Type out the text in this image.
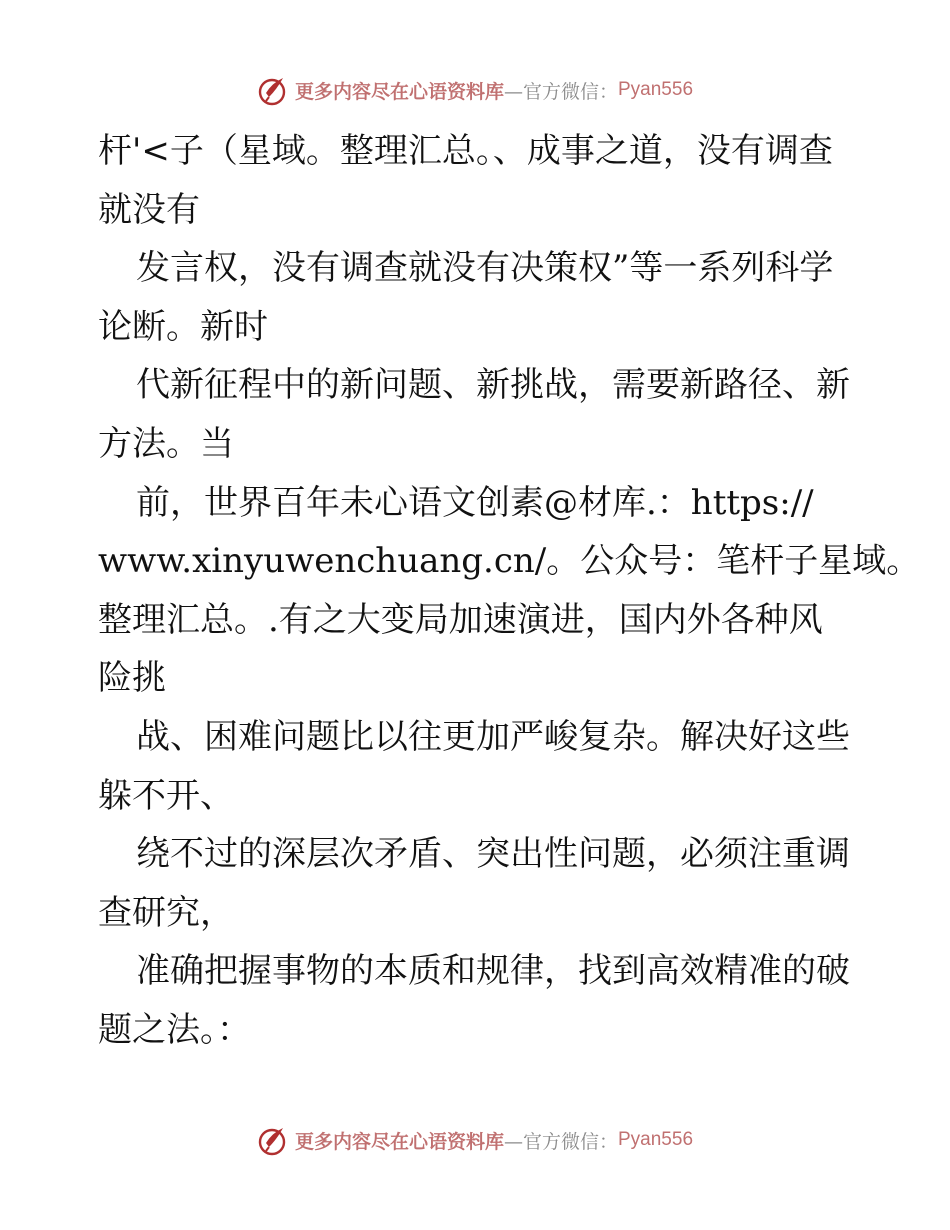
更多内容尽在心语资料库 —官方微信： Pyan556
杆'<子（星域。整理汇总。、成事之道，没有调查
就没有
发言权，没有调查就没有决策权”等一系列科学
论断。新时
代新征程中的新问题、新挑战，需要新路径、新
方法。当
前，世界百年未心语文创素@材库.：https://
www.xinyuwenchuang.cn/。公众号：笔杆子星域。
整理汇总。.有之大变局加速演进，国内外各种风
险挑
战、困难问题比以往更加严峻复杂。解决好这些
躲不开、
绕不过的深层次矛盾、突出性问题，必须注重调
查研究，
准确把握事物的本质和规律，找到高效精准的破
题之法。：
更多内容尽在心语资料库 —官方微信： Pyan556
